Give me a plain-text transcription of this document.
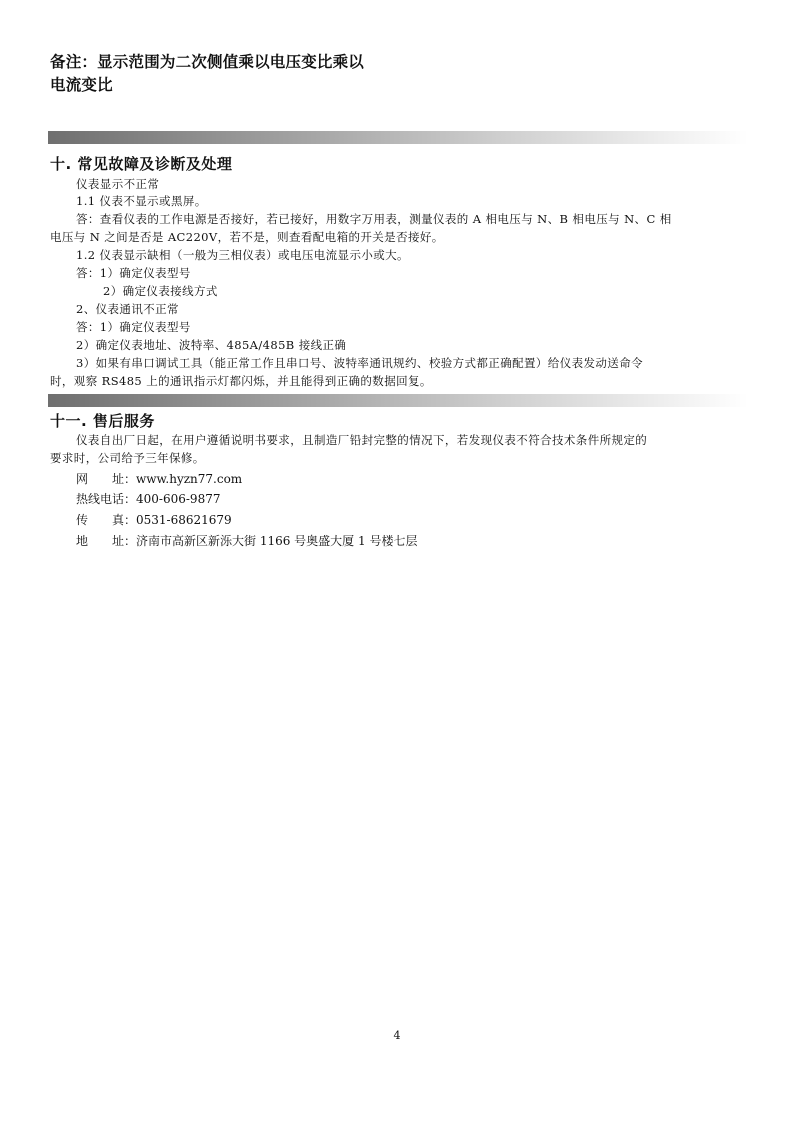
备注：显示范围为二次侧值乘以电压变比乘以
电流变比
十. 常见故障及诊断及处理
仪表显示不正常
1.1 仪表不显示或黑屏。
答：查看仪表的工作电源是否接好，若已接好，用数字万用表，测量仪表的 A 相电压与 N、B 相电压与 N、C 相
电压与 N 之间是否是 AC220V，若不是，则查看配电箱的开关是否接好。
1.2 仪表显示缺相（一般为三相仪表）或电压电流显示小或大。
答：1）确定仪表型号
2）确定仪表接线方式
2、仪表通讯不正常
答：1）确定仪表型号
2）确定仪表地址、波特率、485A/485B 接线正确
3）如果有串口调试工具（能正常工作且串口号、波特率通讯规约、校验方式都正确配置）给仪表发动送命令
时，观察 RS485 上的通讯指示灯都闪烁，并且能得到正确的数据回复。
十一. 售后服务
仪表自出厂日起，在用户遵循说明书要求，且制造厂铅封完整的情况下，若发现仪表不符合技术条件所规定的
要求时，公司给予三年保修。
网　　址：www.hyzn77.com
热线电话：400-606-9877
传　　真：0531-68621679
地　　址：济南市高新区新泺大街 1166 号奥盛大厦 1 号楼七层
4
